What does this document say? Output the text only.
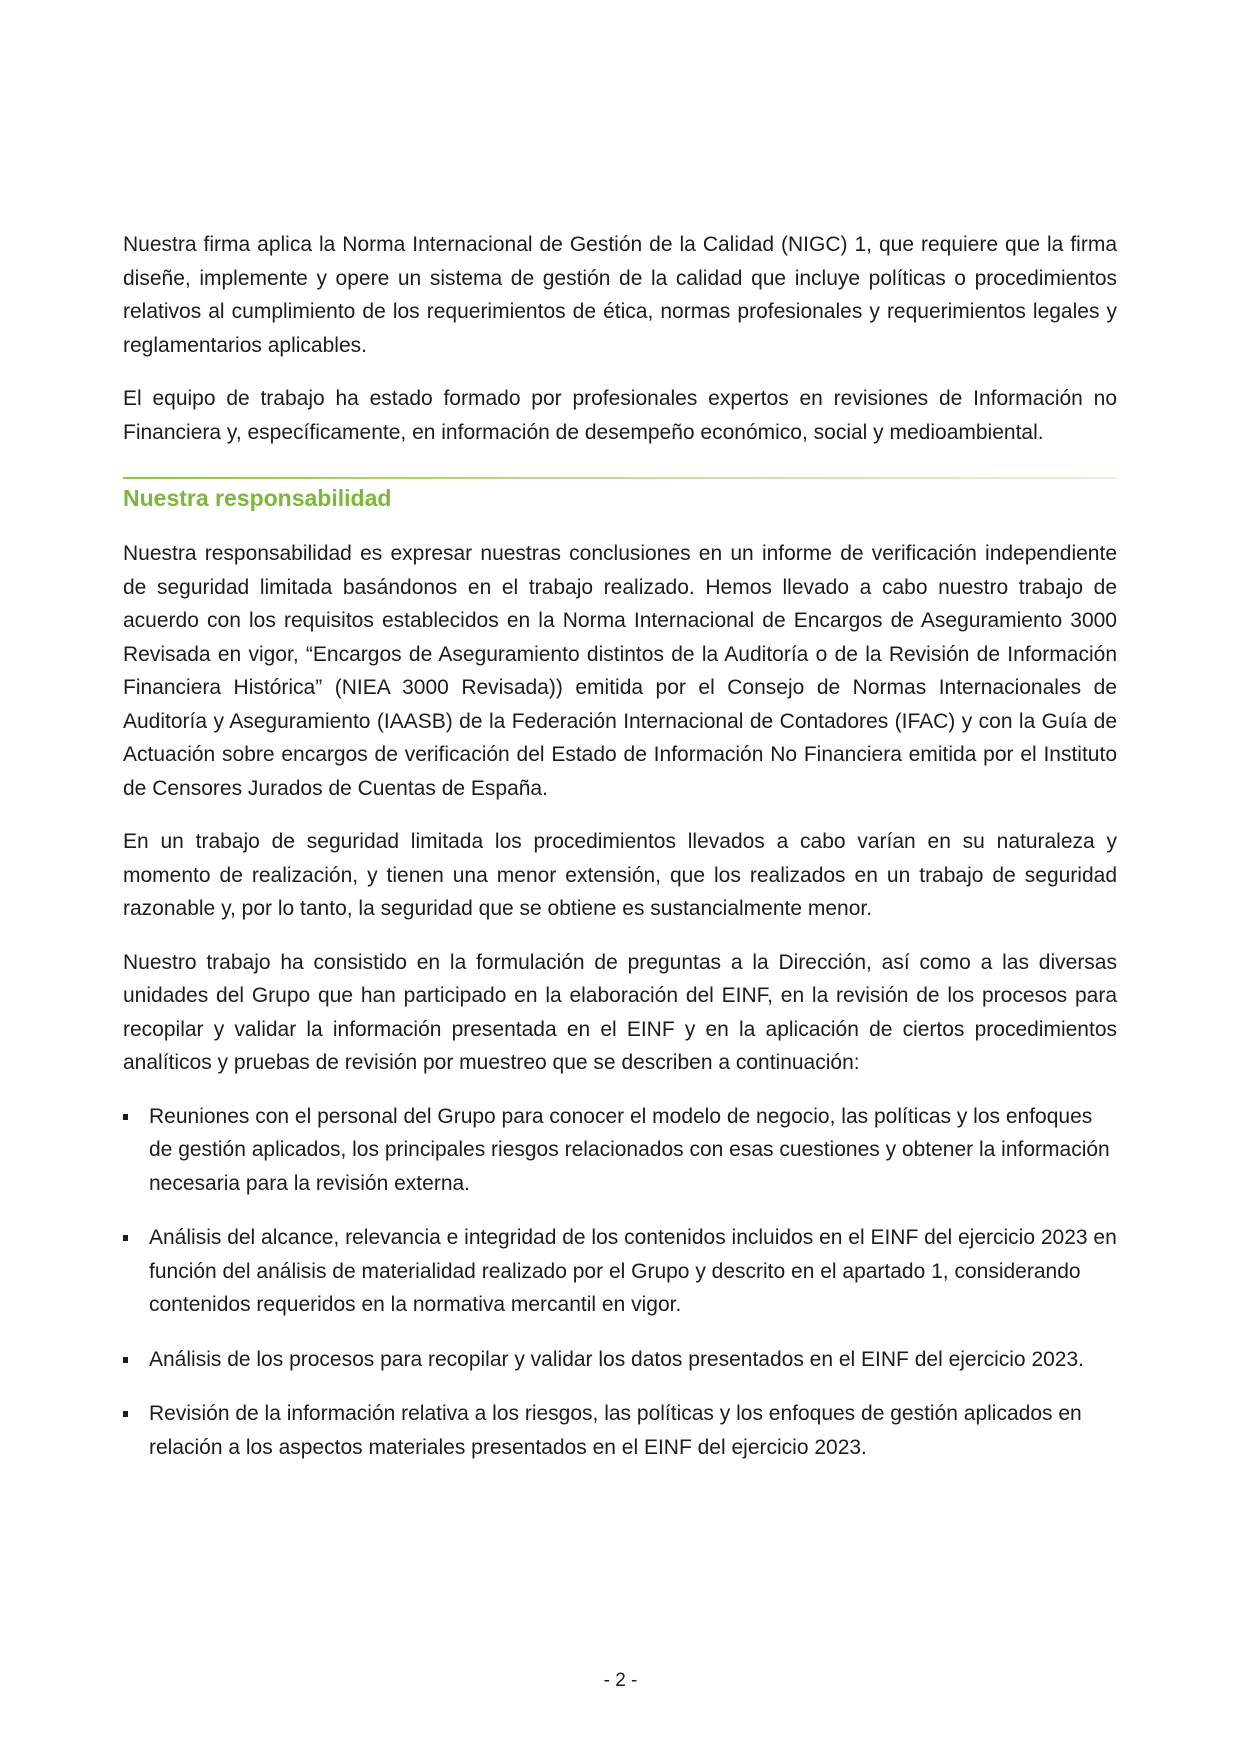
Nuestra firma aplica la Norma Internacional de Gestión de la Calidad (NIGC) 1, que requiere que la firma diseñe, implemente y opere un sistema de gestión de la calidad que incluye políticas o procedimientos relativos al cumplimiento de los requerimientos de ética, normas profesionales y requerimientos legales y reglamentarios aplicables.

El equipo de trabajo ha estado formado por profesionales expertos en revisiones de Información no Financiera y, específicamente, en información de desempeño económico, social y medioambiental.

Nuestra responsabilidad

Nuestra responsabilidad es expresar nuestras conclusiones en un informe de verificación independiente de seguridad limitada basándonos en el trabajo realizado. Hemos llevado a cabo nuestro trabajo de acuerdo con los requisitos establecidos en la Norma Internacional de Encargos de Aseguramiento 3000 Revisada en vigor, “Encargos de Aseguramiento distintos de la Auditoría o de la Revisión de Información Financiera Histórica” (NIEA 3000 Revisada)) emitida por el Consejo de Normas Internacionales de Auditoría y Aseguramiento (IAASB) de la Federación Internacional de Contadores (IFAC) y con la Guía de Actuación sobre encargos de verificación del Estado de Información No Financiera emitida por el Instituto de Censores Jurados de Cuentas de España.

En un trabajo de seguridad limitada los procedimientos llevados a cabo varían en su naturaleza y momento de realización, y tienen una menor extensión, que los realizados en un trabajo de seguridad razonable y, por lo tanto, la seguridad que se obtiene es sustancialmente menor.

Nuestro trabajo ha consistido en la formulación de preguntas a la Dirección, así como a las diversas unidades del Grupo que han participado en la elaboración del EINF, en la revisión de los procesos para recopilar y validar la información presentada en el EINF y en la aplicación de ciertos procedimientos analíticos y pruebas de revisión por muestreo que se describen a continuación:

Reuniones con el personal del Grupo para conocer el modelo de negocio, las políticas y los enfoques de gestión aplicados, los principales riesgos relacionados con esas cuestiones y obtener la información necesaria para la revisión externa.
Análisis del alcance, relevancia e integridad de los contenidos incluidos en el EINF del ejercicio 2023 en función del análisis de materialidad realizado por el Grupo y descrito en el apartado 1, considerando contenidos requeridos en la normativa mercantil en vigor.
Análisis de los procesos para recopilar y validar los datos presentados en el EINF del ejercicio 2023.
Revisión de la información relativa a los riesgos, las políticas y los enfoques de gestión aplicados en relación a los aspectos materiales presentados en el EINF del ejercicio 2023.
- 2 -
